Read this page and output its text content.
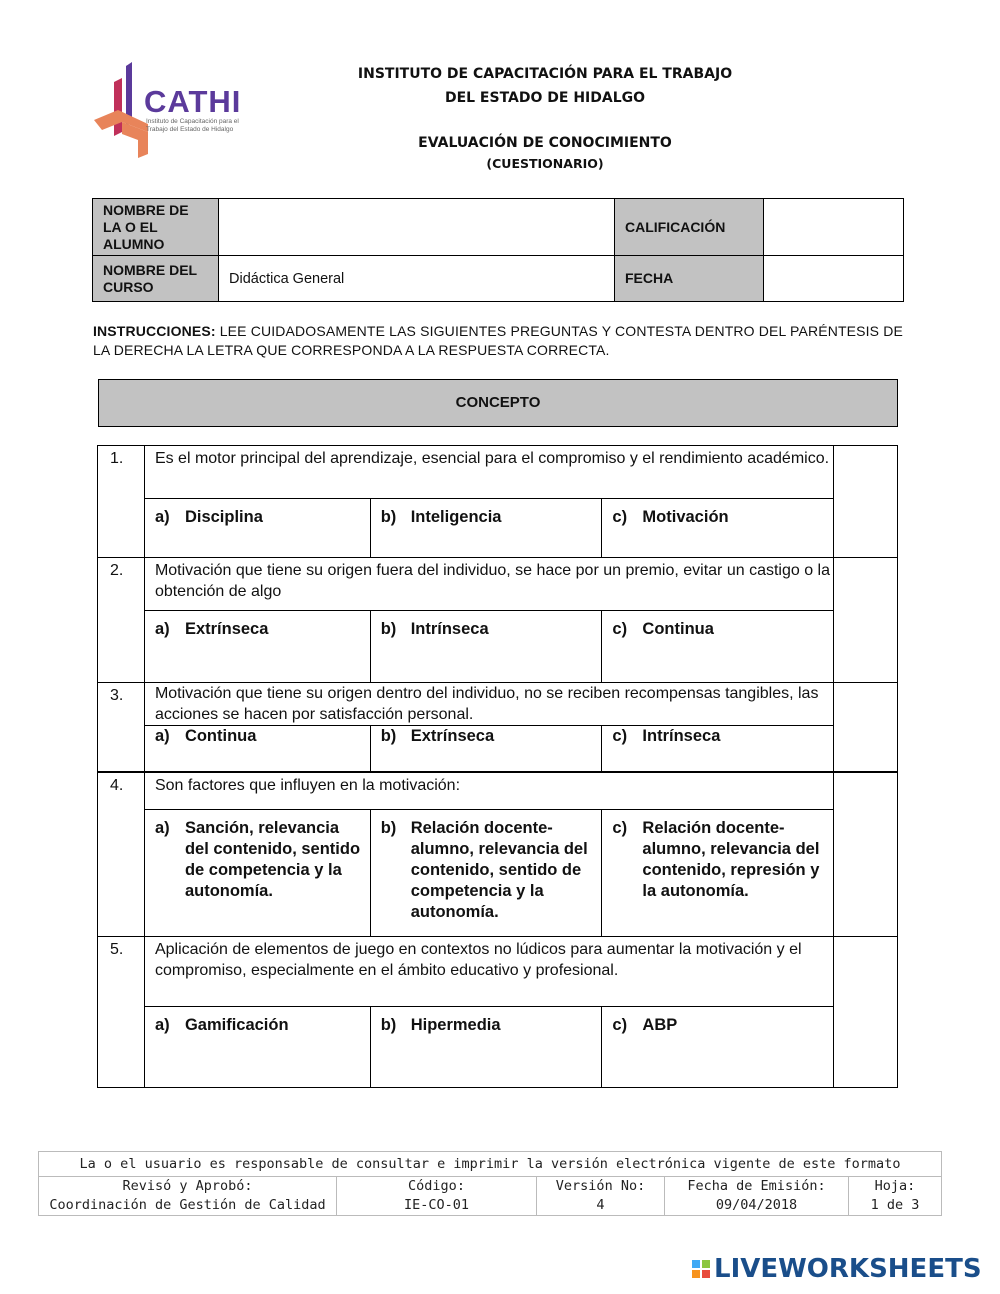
CATHI
Instituto de Capacitación para el Trabajo del Estado de Hidalgo
INSTITUTO DE CAPACITACIÓN PARA EL TRABAJO
DEL ESTADO DE HIDALGO
EVALUACIÓN DE CONOCIMIENTO
(CUESTIONARIO)
NOMBRE DE LA O EL ALUMNO		CALIFICACIÓN	
NOMBRE DEL CURSO	Didáctica General	FECHA	
INSTRUCCIONES: LEE CUIDADOSAMENTE LAS SIGUIENTES PREGUNTAS Y CONTESTA DENTRO DEL PARÉNTESIS DE LA DERECHA LA LETRA QUE CORRESPONDA A LA RESPUESTA CORRECTA.
CONCEPTO
1.	Es el motor principal del aprendizaje, esencial para el compromiso y el rendimiento académico.			

	a) Disciplina	b) Inteligencia	c) Motivación	

2.	Motivación que tiene su origen fuera del individuo, se hace por un premio, evitar un castigo o la obtención de algo			

	a) Extrínseca	b) Intrínseca	c) Continua	

3.	Motivación que tiene su origen dentro del individuo, no se reciben recompensas tangibles, las acciones se hacen por satisfacción personal.			

	a) Continua	b) Extrínseca	c) Intrínseca	

4.	Son factores que influyen en la motivación:			

	a) Sanción, relevancia del contenido, sentido de competencia y la autonomía.	b) Relación docente-alumno, relevancia del contenido, sentido de competencia y la autonomía.	c) Relación docente-alumno, relevancia del contenido, represión y la autonomía.	

5.	Aplicación de elementos de juego en contextos no lúdicos para aumentar la motivación y el compromiso, especialmente en el ámbito educativo y profesional.			

	a) Gamificación	b) Hipermedia	c) ABP	
La o el usuario es responsable de consultar e imprimir la versión electrónica vigente de este formato

Revisó y Aprobó:
Coordinación de Gestión de Calidad

Código:
IE-CO-01

Versión No:
4

Fecha de Emisión:
09/04/2018

Hoja:
1 de 3
LIVEWORKSHEETS
